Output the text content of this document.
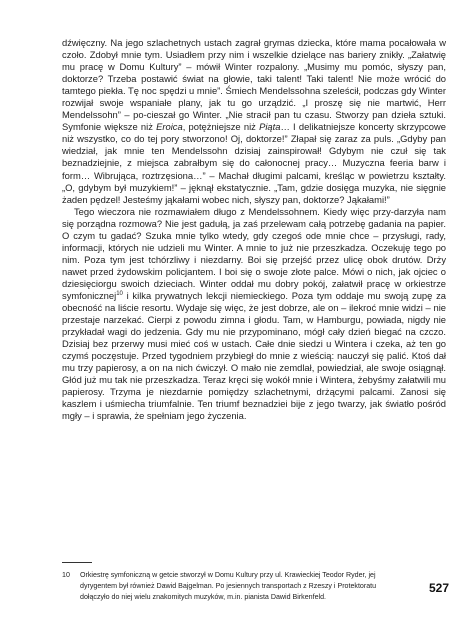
dźwięczny. Na jego szlachetnych ustach zagrał grymas dziecka, które mama pocałowała w czoło. Zdobył mnie tym. Usiadłem przy nim i wszelkie dzielące nas bariery znikły. „Załatwię mu pracę w Domu Kultury” – mówił Winter rozpalony. „Musimy mu pomóc, słyszy pan, doktorze? Trzeba postawić świat na głowie, taki talent! Taki talent! Nie może wrócić do tamtego piekła. Tę noc spędzi u mnie”. Śmiech Mendelssohna szeleścił, podczas gdy Winter rozwijał swoje wspaniałe plany, jak tu go urządzić. „I proszę się nie martwić, Herr Mendelssohn” – po-cieszał go Winter. „Nie stracił pan tu czasu. Stworzy pan dzieła sztuki. Symfonie większe niż Eroica, potężniejsze niż Piąta… I delikatniejsze koncerty skrzypcowe niż wszystko, co do tej pory stworzono! Oj, doktorze!” Złapał się zaraz za puls. „Gdyby pan wiedział, jak mnie ten Mendelssohn dzisiaj zainspirował! Gdybym nie czuł się tak beznadziejnie, z miejsca zabrałbym się do całonocnej pracy… Muzyczna feeria barw i form… Wibrująca, roztrzęsiona…” – Machał długimi palcami, kreśląc w powietrzu kształty. „O, gdybym był muzykiem!” – jęknął ekstatycznie. „Tam, gdzie dosięga muzyka, nie sięgnie żaden pędzel! Jesteśmy jąkałami wobec nich, słyszy pan, doktorze? Jąkałami!”

Tego wieczora nie rozmawiałem długo z Mendelssohnem. Kiedy więc przy-darzyła nam się porządna rozmowa? Nie jest gadułą, ja zaś przelewam całą potrzebę gadania na papier. O czym tu gadać? Szuka mnie tylko wtedy, gdy czegoś ode mnie chce – przysługi, rady, informacji, których nie udzieli mu Winter. A mnie to już nie przeszkadza. Oczekuję tego po nim. Poza tym jest tchórzliwy i niezdarny. Boi się przejść przez ulicę obok drutów. Drży nawet przed żydowskim policjantem. I boi się o swoje złote palce. Mówi o nich, jak ojciec o dziesięciorgu swoich dzieciach. Winter oddał mu dobry pokój, załatwił pracę w orkiestrze symfonicznej$^{10}$ i kilka prywatnych lekcji niemieckiego. Poza tym oddaje mu swoją zupę za obecność na liście resortu. Wydaje się więc, że jest dobrze, ale on – ilekroć mnie widzi – nie przestaje narzekać. Cierpi z powodu zimna i głodu. Tam, w Hamburgu, powiada, nigdy nie przykładał wagi do jedzenia. Gdy mu nie przypominano, mógł cały dzień biegać na czczo. Dzisiaj bez przerwy musi mieć coś w ustach. Całe dnie siedzi u Wintera i czeka, aż ten go czymś poczęstuje. Przed tygodniem przybiegł do mnie z wieścią: nauczył się palić. Ktoś dał mu trzy papierosy, a on na nich ćwiczył. O mało nie zemdlał, powiedział, ale swoje osiągnął. Głód już mu tak nie przeszkadza. Teraz kręci się wokół mnie i Wintera, żebyśmy załatwili mu papierosy. Trzyma je niezdarnie pomiędzy szlachetnymi, drżącymi palcami. Zanosi się kaszlem i uśmiecha triumfalnie. Ten triumf beznadziei bije z jego twarzy, jak światło pośród mgły – i sprawia, że spełniam jego życzenia.

10	Orkiestrę symfoniczną w getcie stworzył w Domu Kultury przy ul. Krawieckiej Teodor Ryder, jej
dyrygentem był również Dawid Bajgelman. Po jesiennych transportach z Rzeszy i Protektoratu
dołączyło do niej wielu znakomitych muzyków, m.in. pianista Dawid Birkenfeld.
527
